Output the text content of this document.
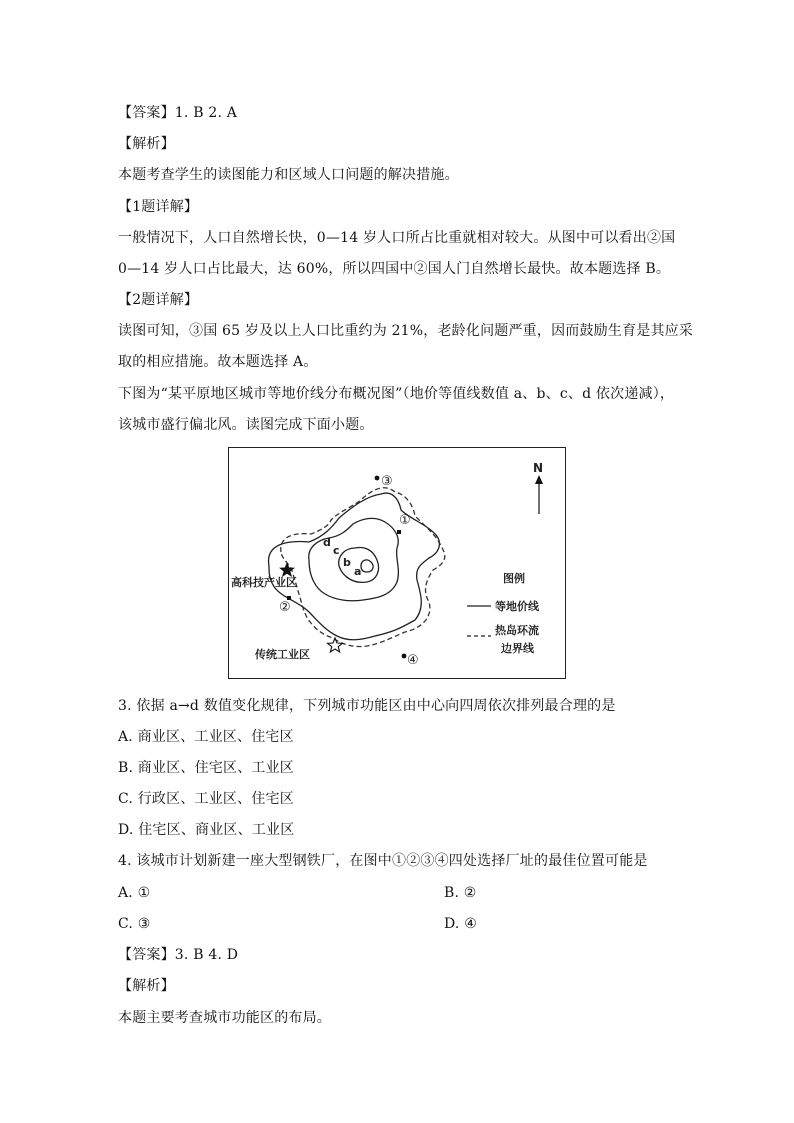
【答案】1. B 2. A
【解析】
本题考查学生的读图能力和区域人口问题的解决措施。
【1题详解】
一般情况下，人口自然增长快，0—14 岁人口所占比重就相对较大。从图中可以看出②国
0—14 岁人口占比最大，达 60%，所以四国中②国人门自然增长最快。故本题选择 B。
【2题详解】
读图可知，③国 65 岁及以上人口比重约为 21%，老龄化问题严重，因而鼓励生育是其应采
取的相应措施。故本题选择 A。
下图为“某平原地区城市等地价线分布概况图”（地价等值线数值 a、b、c、d 依次递减），
该城市盛行偏北风。读图完成下面小题。
d
c
b
a
③
①
②
④
高科技产业区
传统工业区
N
图例
等地价线
热岛环流
边界线
3. 依据 a→d 数值变化规律，下列城市功能区由中心向四周依次排列最合理的是
A. 商业区、工业区、住宅区
B. 商业区、住宅区、工业区
C. 行政区、工业区、住宅区
D. 住宅区、商业区、工业区
4. 该城市计划新建一座大型钢铁厂，在图中①②③④四处选择厂址的最佳位置可能是
A. ①	B. ②
C. ③	D. ④
【答案】3. B 4. D
【解析】
本题主要考查城市功能区的布局。
